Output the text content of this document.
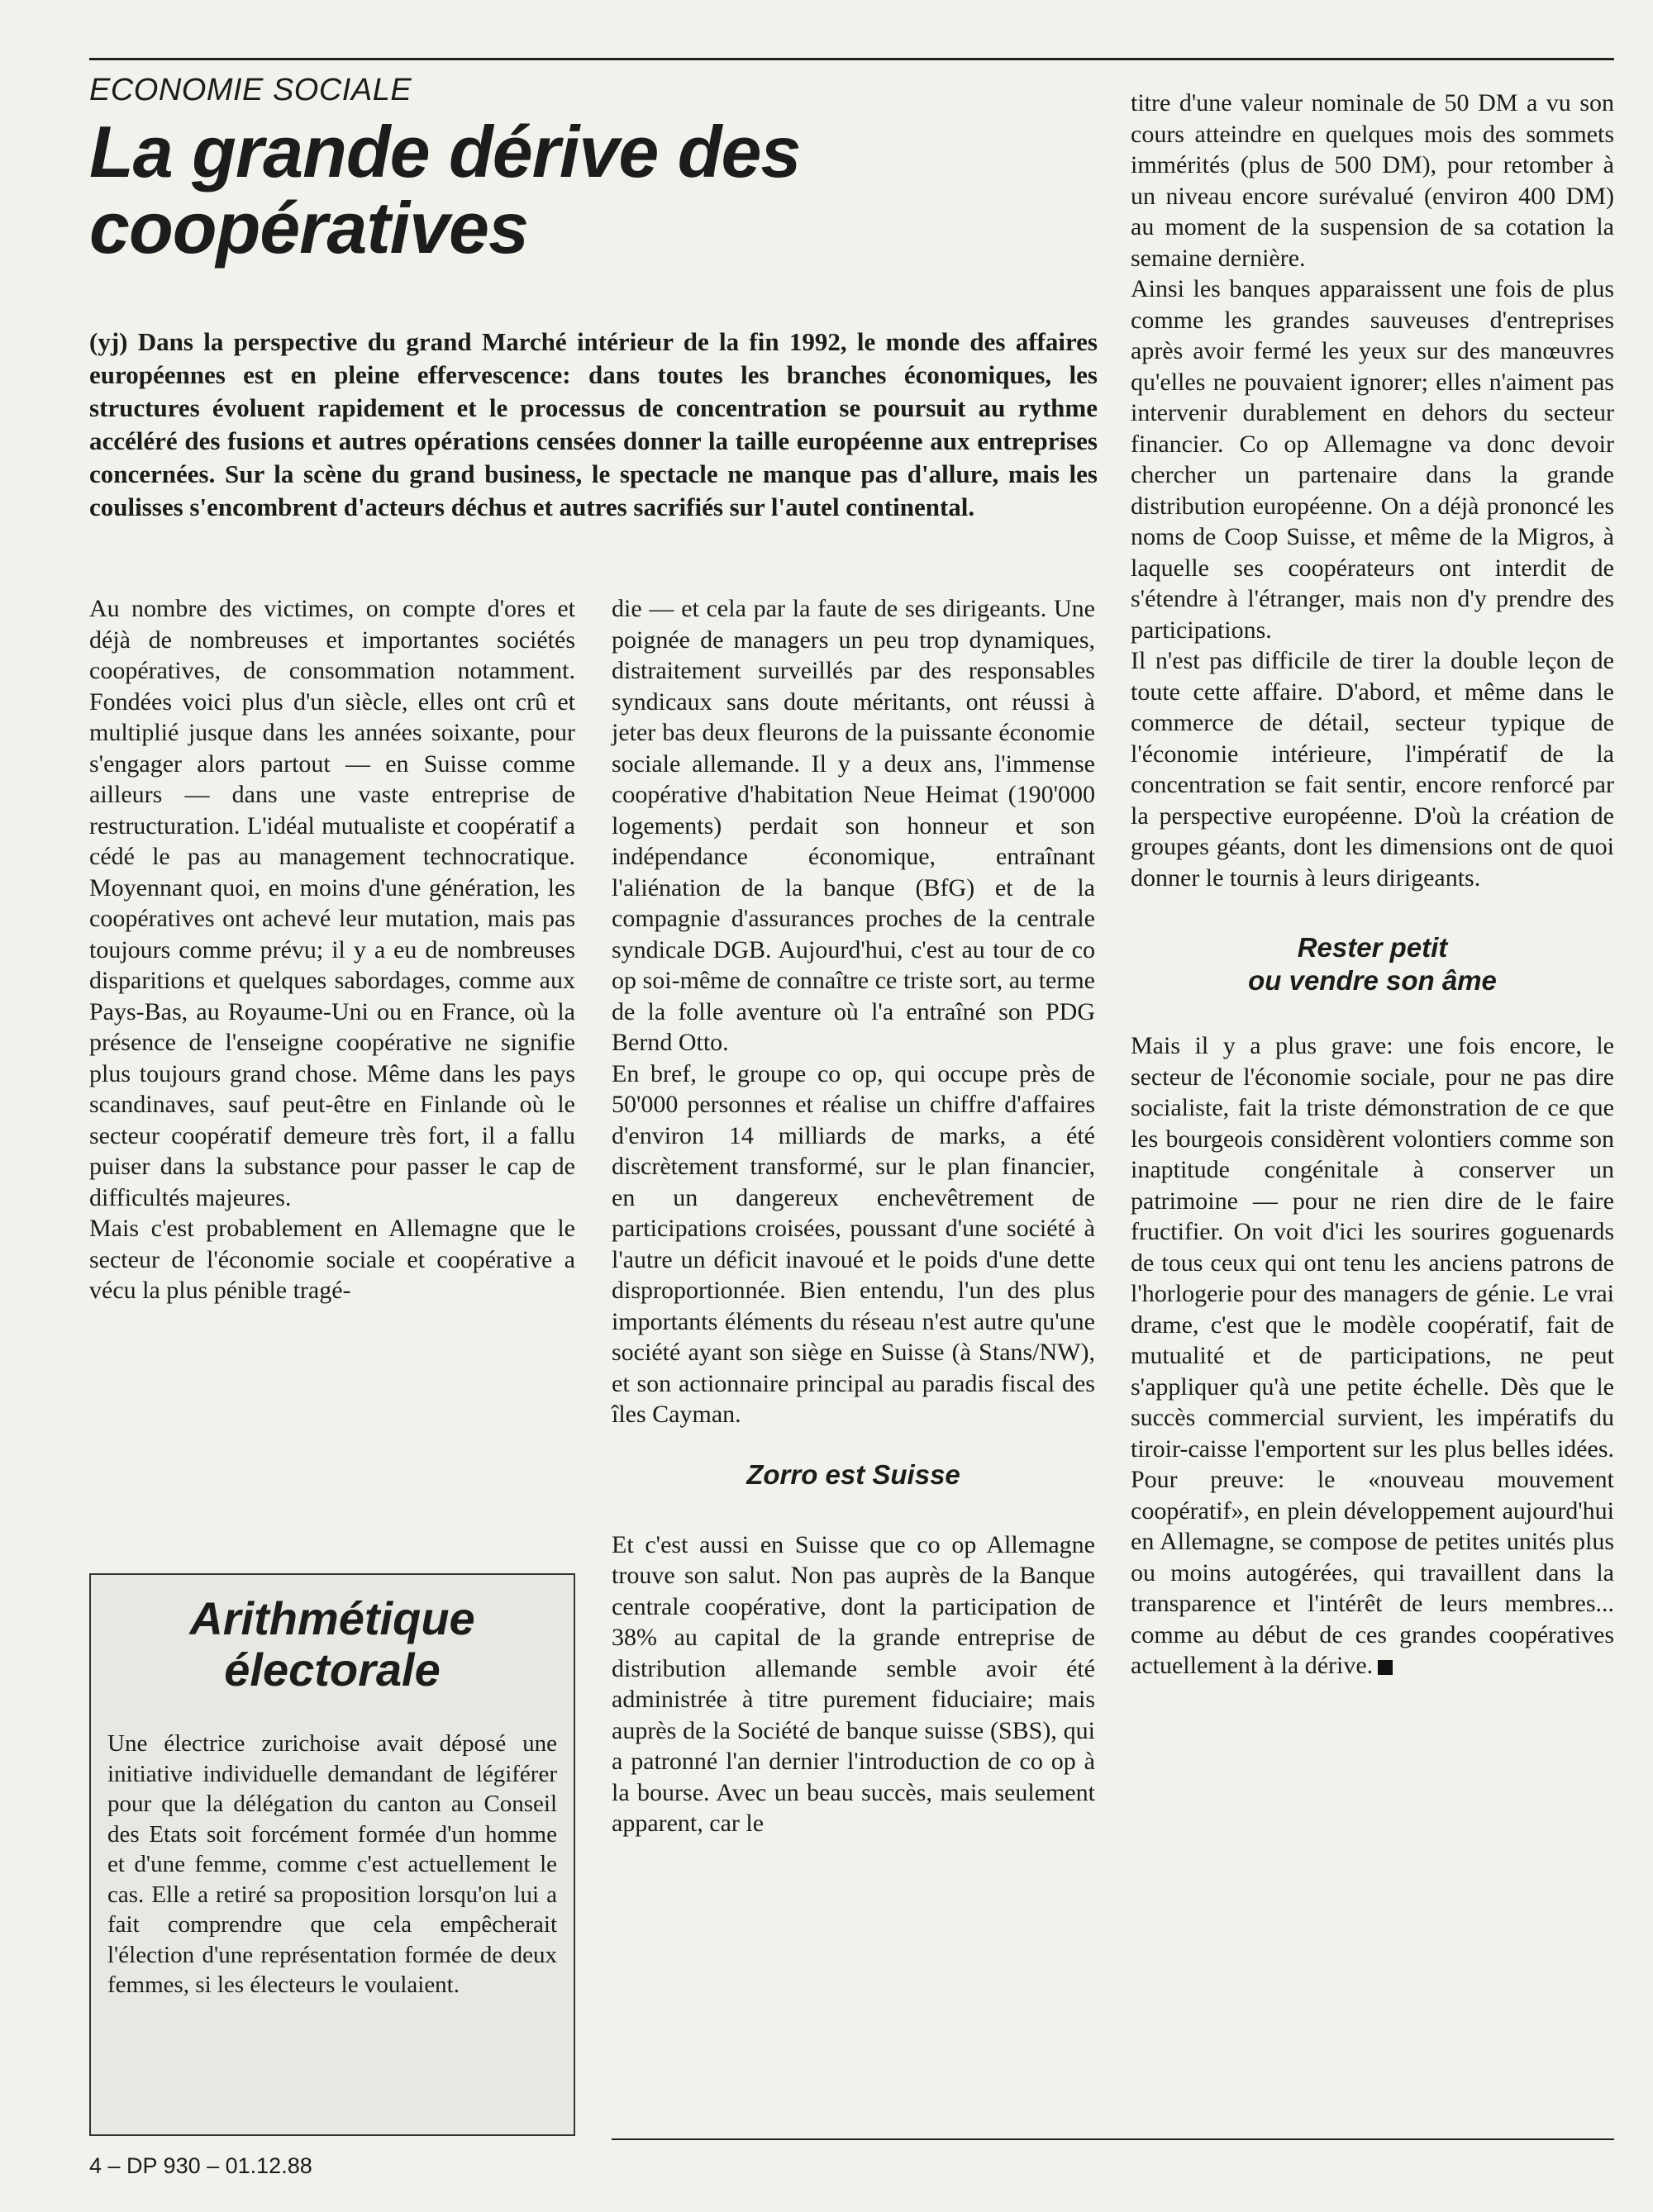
ECONOMIE SOCIALE
La grande dérive des coopératives
(yj) Dans la perspective du grand Marché intérieur de la fin 1992, le monde des affaires européennes est en pleine effervescence: dans toutes les branches économiques, les structures évoluent rapidement et le processus de concentration se poursuit au rythme accéléré des fusions et autres opérations censées donner la taille européenne aux entreprises concernées. Sur la scène du grand business, le spectacle ne manque pas d'allure, mais les coulisses s'encombrent d'acteurs déchus et autres sacrifiés sur l'autel continental.

Au nombre des victimes, on compte d'ores et déjà de nombreuses et importantes sociétés coopératives, de consommation notamment. Fondées voici plus d'un siècle, elles ont crû et multiplié jusque dans les années soixante, pour s'engager alors partout — en Suisse comme ailleurs — dans une vaste entreprise de restructuration. L'idéal mutualiste et coopératif a cédé le pas au management technocratique. Moyennant quoi, en moins d'une génération, les coopératives ont achevé leur mutation, mais pas toujours comme prévu; il y a eu de nombreuses disparitions et quelques sabordages, comme aux Pays-Bas, au Royaume-Uni ou en France, où la présence de l'enseigne coopérative ne signifie plus toujours grand chose. Même dans les pays scandinaves, sauf peut-être en Finlande où le secteur coopératif demeure très fort, il a fallu puiser dans la substance pour passer le cap de difficultés majeures.

Mais c'est probablement en Allemagne que le secteur de l'économie sociale et coopérative a vécu la plus pénible tragé-

Arithmétique
électorale
Une électrice zurichoise avait déposé une initiative individuelle demandant de légiférer pour que la délégation du canton au Conseil des Etats soit forcément formée d'un homme et d'une femme, comme c'est actuellement le cas. Elle a retiré sa proposition lorsqu'on lui a fait comprendre que cela empêcherait l'élection d'une représentation formée de deux femmes, si les électeurs le voulaient.

die — et cela par la faute de ses dirigeants. Une poignée de managers un peu trop dynamiques, distraitement surveillés par des responsables syndicaux sans doute méritants, ont réussi à jeter bas deux fleurons de la puissante économie sociale allemande. Il y a deux ans, l'immense coopérative d'habitation Neue Heimat (190'000 logements) perdait son honneur et son indépendance économique, entraînant l'aliénation de la banque (BfG) et de la compagnie d'assurances proches de la centrale syndicale DGB. Aujourd'hui, c'est au tour de co op soi-même de connaître ce triste sort, au terme de la folle aventure où l'a entraîné son PDG Bernd Otto.

En bref, le groupe co op, qui occupe près de 50'000 personnes et réalise un chiffre d'affaires d'environ 14 milliards de marks, a été discrètement transformé, sur le plan financier, en un dangereux enchevêtrement de participations croisées, poussant d'une société à l'autre un déficit inavoué et le poids d'une dette disproportionnée. Bien entendu, l'un des plus importants éléments du réseau n'est autre qu'une société ayant son siège en Suisse (à Stans/NW), et son actionnaire principal au paradis fiscal des îles Cayman.

Zorro est Suisse

Et c'est aussi en Suisse que co op Allemagne trouve son salut. Non pas auprès de la Banque centrale coopérative, dont la participation de 38% au capital de la grande entreprise de distribution allemande semble avoir été administrée à titre purement fiduciaire; mais auprès de la Société de banque suisse (SBS), qui a patronné l'an dernier l'introduction de co op à la bourse. Avec un beau succès, mais seulement apparent, car le

titre d'une valeur nominale de 50 DM a vu son cours atteindre en quelques mois des sommets immérités (plus de 500 DM), pour retomber à un niveau encore surévalué (environ 400 DM) au moment de la suspension de sa cotation la semaine dernière.

Ainsi les banques apparaissent une fois de plus comme les grandes sauveuses d'entreprises après avoir fermé les yeux sur des manœuvres qu'elles ne pouvaient ignorer; elles n'aiment pas intervenir durablement en dehors du secteur financier. Co op Allemagne va donc devoir chercher un partenaire dans la grande distribution européenne. On a déjà prononcé les noms de Coop Suisse, et même de la Migros, à laquelle ses coopérateurs ont interdit de s'étendre à l'étranger, mais non d'y prendre des participations.

Il n'est pas difficile de tirer la double leçon de toute cette affaire. D'abord, et même dans le commerce de détail, secteur typique de l'économie intérieure, l'impératif de la concentration se fait sentir, encore renforcé par la perspective européenne. D'où la création de groupes géants, dont les dimensions ont de quoi donner le tournis à leurs dirigeants.

Rester petit
ou vendre son âme

Mais il y a plus grave: une fois encore, le secteur de l'économie sociale, pour ne pas dire socialiste, fait la triste démonstration de ce que les bourgeois considèrent volontiers comme son inaptitude congénitale à conserver un patrimoine — pour ne rien dire de le faire fructifier. On voit d'ici les sourires goguenards de tous ceux qui ont tenu les anciens patrons de l'horlogerie pour des managers de génie. Le vrai drame, c'est que le modèle coopératif, fait de mutualité et de participations, ne peut s'appliquer qu'à une petite échelle. Dès que le succès commercial survient, les impératifs du tiroir-caisse l'emportent sur les plus belles idées. Pour preuve: le «nouveau mouvement coopératif», en plein développement aujourd'hui en Allemagne, se compose de petites unités plus ou moins autogérées, qui travaillent dans la transparence et l'intérêt de leurs membres... comme au début de ces grandes coopératives actuellement à la dérive.

4 – DP 930 – 01.12.88
